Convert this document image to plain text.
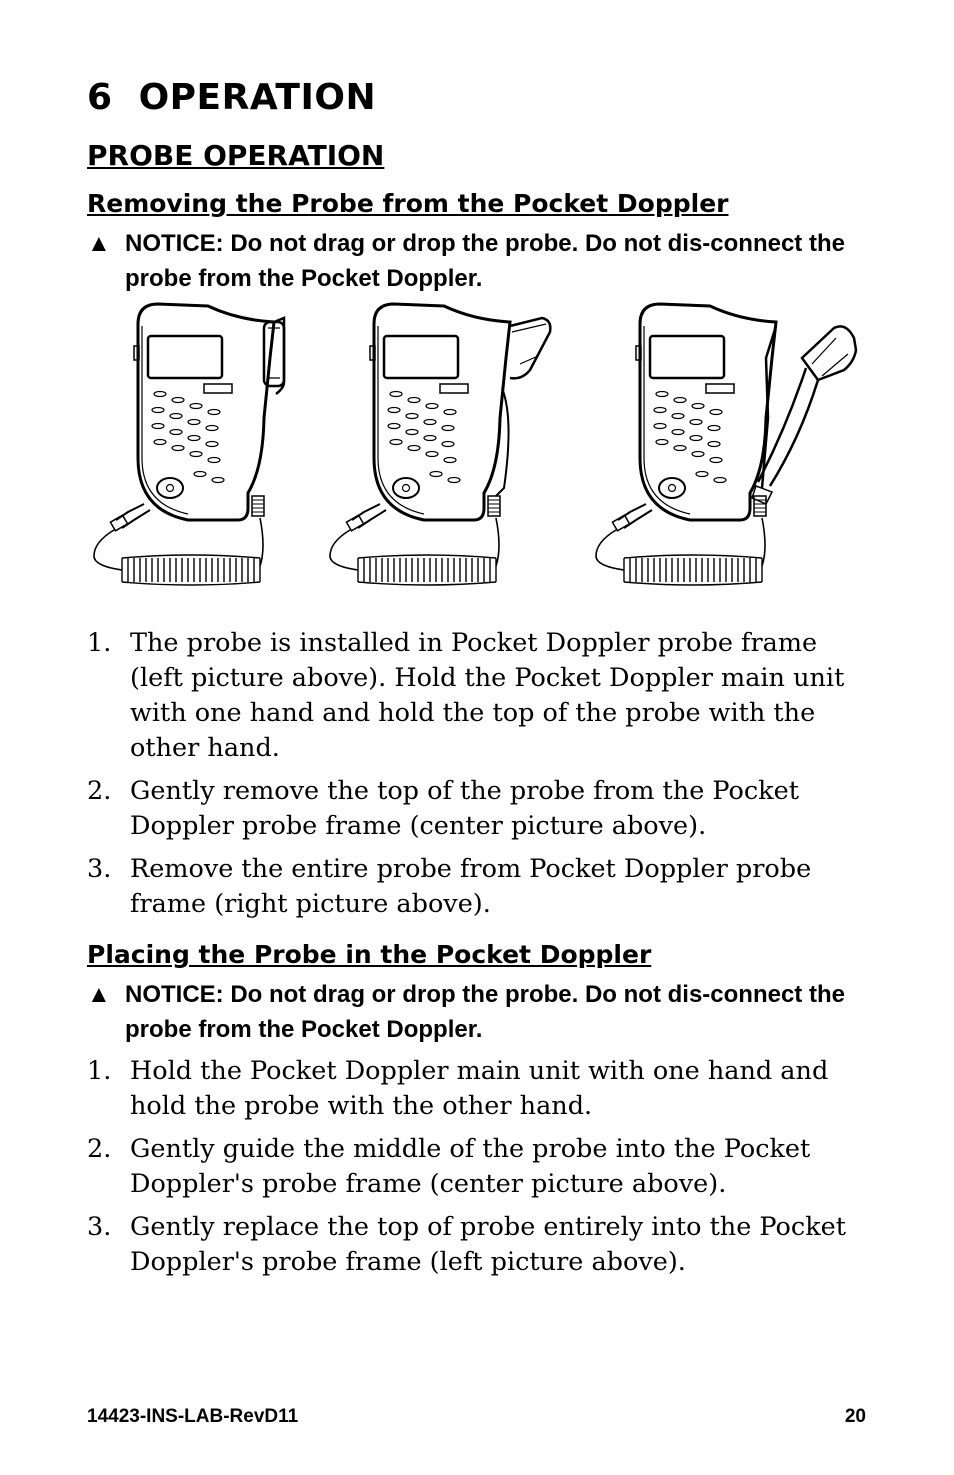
6 OPERATION
PROBE OPERATION
Removing the Probe from the Pocket Doppler
▲ NOTICE: Do not drag or drop the probe. Do not dis-connect the probe from the Pocket Doppler.
1. The probe is installed in Pocket Doppler probe frame (left picture above). Hold the Pocket Doppler main unit with one hand and hold the top of the probe with the other hand.
2. Gently remove the top of the probe from the Pocket Doppler probe frame (center picture above).
3. Remove the entire probe from Pocket Doppler probe frame (right picture above).
Placing the Probe in the Pocket Doppler
▲ NOTICE: Do not drag or drop the probe. Do not dis-connect the probe from the Pocket Doppler.
1. Hold the Pocket Doppler main unit with one hand and hold the probe with the other hand.
2. Gently guide the middle of the probe into the Pocket Doppler's probe frame (center picture above).
3. Gently replace the top of probe entirely into the Pocket Doppler's probe frame (left picture above).
14423-INS-LAB-RevD11	20
